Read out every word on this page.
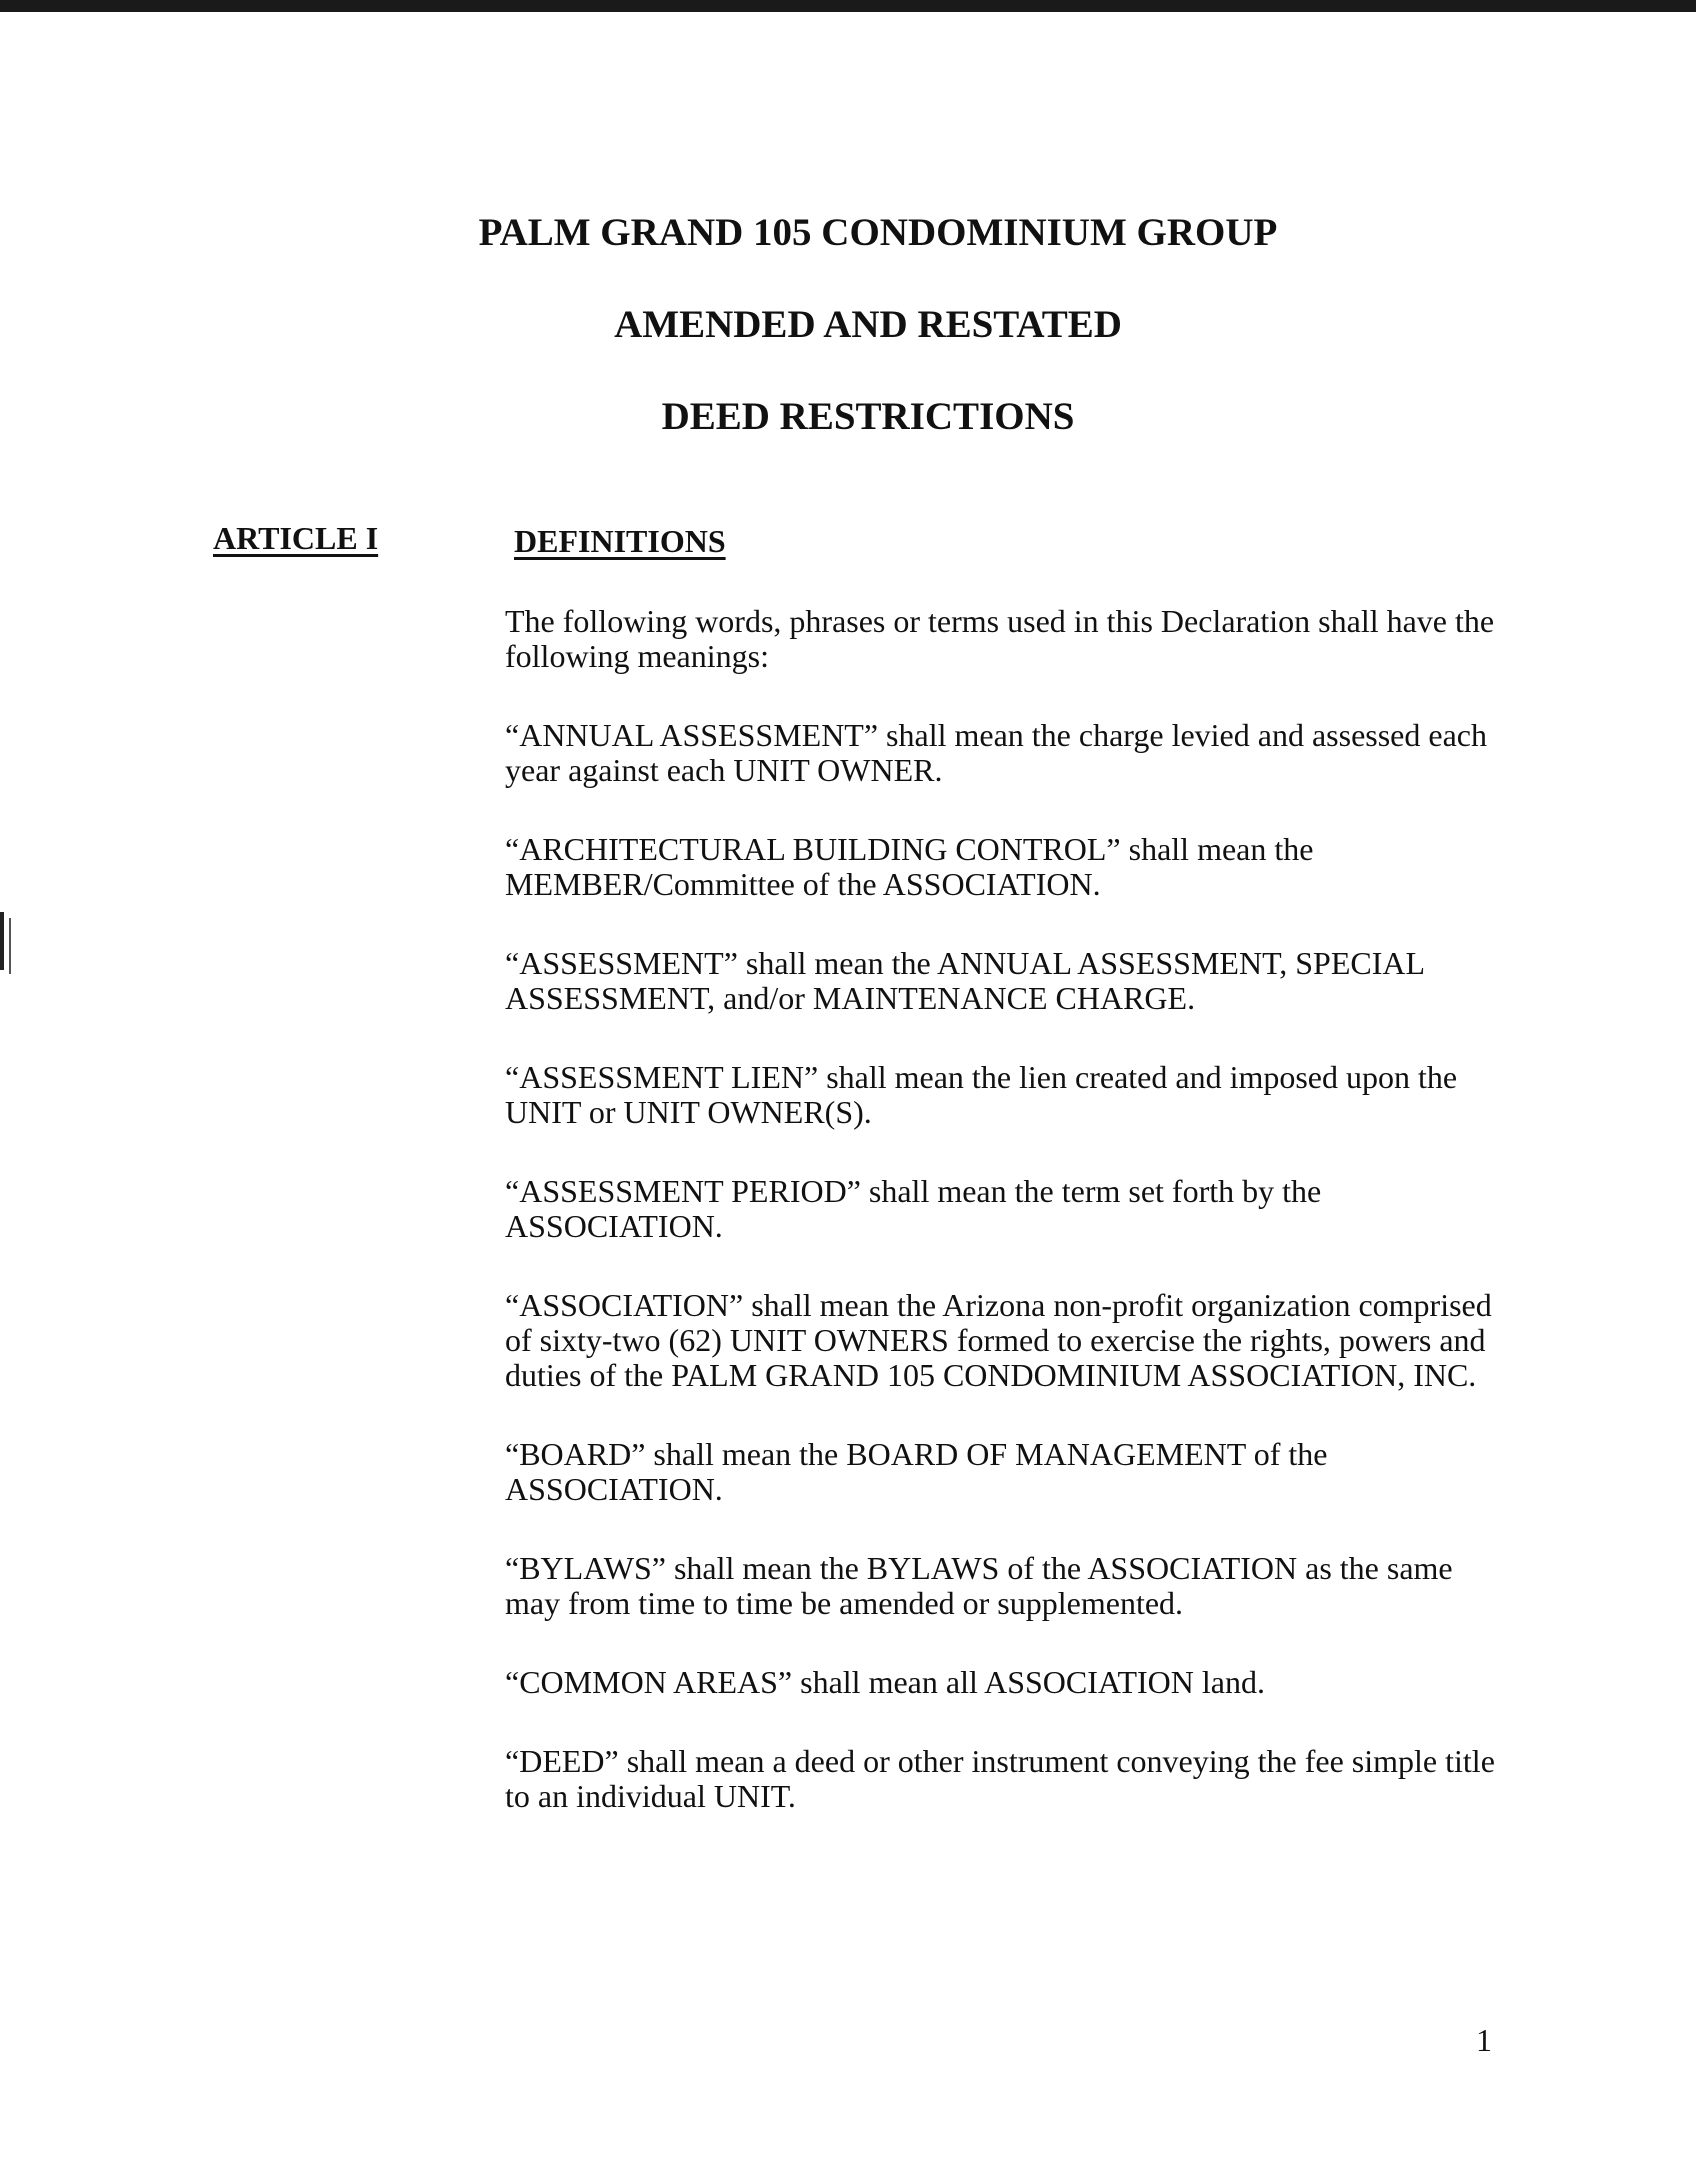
PALM GRAND 105 CONDOMINIUM GROUP
AMENDED AND RESTATED
DEED RESTRICTIONS
ARTICLE I	DEFINITIONS

The following words, phrases or terms used in this Declaration shall have the following meanings:

“ANNUAL ASSESSMENT” shall mean the charge levied and assessed each year against each UNIT OWNER.

“ARCHITECTURAL BUILDING CONTROL” shall mean the MEMBER/Committee of the ASSOCIATION.

“ASSESSMENT” shall mean the ANNUAL ASSESSMENT, SPECIAL ASSESSMENT, and/or MAINTENANCE CHARGE.

“ASSESSMENT LIEN” shall mean the lien created and imposed upon the UNIT or UNIT OWNER(S).

“ASSESSMENT PERIOD” shall mean the term set forth by the ASSOCIATION.

“ASSOCIATION” shall mean the Arizona non-profit organization comprised of sixty-two (62) UNIT OWNERS formed to exercise the rights, powers and duties of the PALM GRAND 105 CONDOMINIUM ASSOCIATION, INC.

“BOARD” shall mean the BOARD OF MANAGEMENT of the ASSOCIATION.

“BYLAWS” shall mean the BYLAWS of the ASSOCIATION as the same may from time to time be amended or supplemented.

“COMMON AREAS” shall mean all ASSOCIATION land.

“DEED” shall mean a deed or other instrument conveying the fee simple title to an individual UNIT.

1
